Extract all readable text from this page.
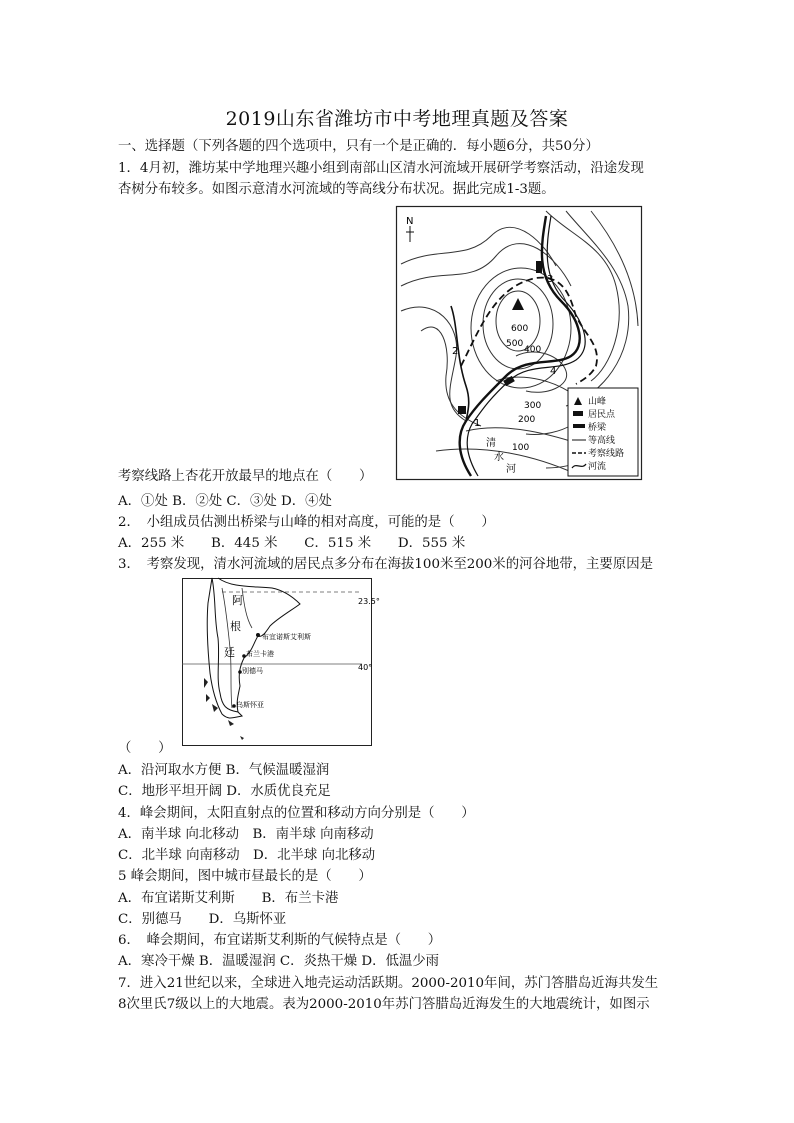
2019山东省潍坊市中考地理真题及答案
一、选择题（下列各题的四个选项中，只有一个是正确的．每小题6分，共50分）
1．4月初，潍坊某中学地理兴趣小组到南部山区清水河流域开展研学考察活动，沿途发现
杏树分布较多。如图示意清水河流域的等高线分布状况。据此完成1-3题。
N
2
3
4
1
600
500
400
300
200
100
清
水
河
山峰
居民点
桥梁
等高线
考察线路
河流
考察线路上杏花开放最早的地点在（　　）
A．①处 B．②处 C．③处 D．④处
2．　小组成员估测出桥梁与山峰的相对高度，可能的是（　　）
A．255 米　　B．445 米　　C．515 米　　D．555 米
3．　考察发现，清水河流域的居民点多分布在海拔100米至200米的河谷地带，主要原因是
23.5°
40°
阿
根
廷
布宜诺斯艾利斯
布兰卡港
别德马
乌斯怀亚
（　　）
A．沿河取水方便 B．气候温暖湿润
C．地形平坦开阔 D．水质优良充足
4．峰会期间，太阳直射点的位置和移动方向分别是（　　）
A．南半球 向北移动　B．南半球 向南移动
C．北半球 向南移动　D．北半球 向北移动
5 峰会期间，图中城市昼最长的是（　　）
A．布宜诺斯艾利斯　　B．布兰卡港
C．别德马　　D．乌斯怀亚
6．　峰会期间，布宜诺斯艾利斯的气候特点是（　　）
A．寒冷干燥 B．温暖湿润 C．炎热干燥 D．低温少雨
7．进入21世纪以来，全球进入地壳运动活跃期。2000-2010年间，苏门答腊岛近海共发生
8次里氏7级以上的大地震。表为2000-2010年苏门答腊岛近海发生的大地震统计，如图示
